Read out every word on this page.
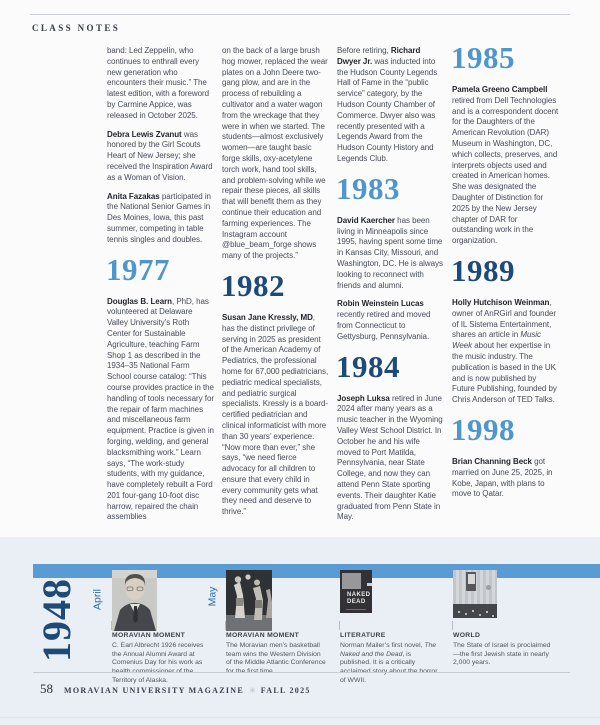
CLASS NOTES

band: Led Zeppelin, who continues to enthrall every new generation who encounters their music.” The latest edition, with a foreword by Carmine Appice, was released in October 2025.

Debra Lewis Zvanut was honored by the Girl Scouts Heart of New Jersey; she received the Inspiration Award as a Woman of Vision.

Anita Fazakas participated in the National Senior Games in Des Moines, Iowa, this past summer, competing in table tennis singles and doubles.

1977

Douglas B. Learn, PhD, has volunteered at Delaware Valley University’s Roth Center for Sustainable Agriculture, teaching Farm Shop 1 as described in the 1934–35 National Farm School course catalog: “This course provides practice in the handling of tools necessary for the repair of farm machines and miscellaneous farm equipment. Practice is given in forging, welding, and general blacksmithing work.” Learn says, “The work-study students, with my guidance, have completely rebuilt a Ford 201 four-gang 10-foot disc harrow, repaired the chain assemblies

on the back of a large brush hog mower, replaced the wear plates on a John Deere two-gang plow, and are in the process of rebuilding a cultivator and a water wagon from the wreckage that they were in when we started. The students—almost exclusively women—are taught basic forge skills, oxy-acetylene torch work, hand tool skills, and problem-solving while we repair these pieces, all skills that will benefit them as they continue their education and farming experiences. The Instagram account @blue_beam_forge shows many of the projects.”

1982

Susan Jane Kressly, MD, has the distinct privilege of serving in 2025 as president of the American Academy of Pediatrics, the professional home for 67,000 pediatricians, pediatric medical specialists, and pediatric surgical specialists. Kressly is a board-certified pediatrician and clinical informaticist with more than 30 years’ experience. “Now more than ever,” she says, “we need fierce advocacy for all children to ensure that every child in every community gets what they need and deserve to thrive.”

Before retiring, Richard Dwyer Jr. was inducted into the Hudson County Legends Hall of Fame in the “public service” category, by the Hudson County Chamber of Commerce. Dwyer also was recently presented with a Legends Award from the Hudson County History and Legends Club.

1983

David Kaercher has been living in Minneapolis since 1995, having spent some time in Kansas City, Missouri, and Washington, DC. He is always looking to reconnect with friends and alumni.

Robin Weinstein Lucas recently retired and moved from Connecticut to Gettysburg, Pennsylvania.

1984

Joseph Luksa retired in June 2024 after many years as a music teacher in the Wyoming Valley West School District. In October he and his wife moved to Port Matilda, Pennsylvania, near State College, and now they can attend Penn State sporting events. Their daughter Katie graduated from Penn State in May.

1985

Pamela Greeno Campbell retired from Dell Technologies and is a correspondent docent for the Daughters of the American Revolution (DAR) Museum in Washington, DC, which collects, preserves, and interprets objects used and created in American homes. She was designated the Daughter of Distinction for 2025 by the New Jersey chapter of DAR for outstanding work in the organization.

1989

Holly Hutchison Weinman, owner of AnRGirl and founder of IL Sistema Entertainment, shares an article in Music Week about her expertise in the music industry. The publication is based in the UK and is now published by Future Publishing, founded by Chris Anderson of TED Talks.

1998

Brian Channing Beck got married on June 25, 2025, in Kobe, Japan, with plans to move to Qatar.

1948 April	May
MORAVIAN MOMENT
C. Earl Albrecht 1926 receives the Annual Alumni Award at Comenius Day for his work as health commissioner of the Territory of Alaska.
MORAVIAN MOMENT
The Moravian men’s basketball team wins the Western Division of the Middle Atlantic Conference for the first time.
NAKED
DEAD
LITERATURE
Norman Mailer’s first novel, The Naked and the Dead, is published. It is a critically acclaimed story about the horror of WWII.
WORLD
The State of Israel is proclaimed—the first Jewish state in nearly 2,000 years.
58 MORAVIAN UNIVERSITY MAGAZINE ✳ FALL 2025
